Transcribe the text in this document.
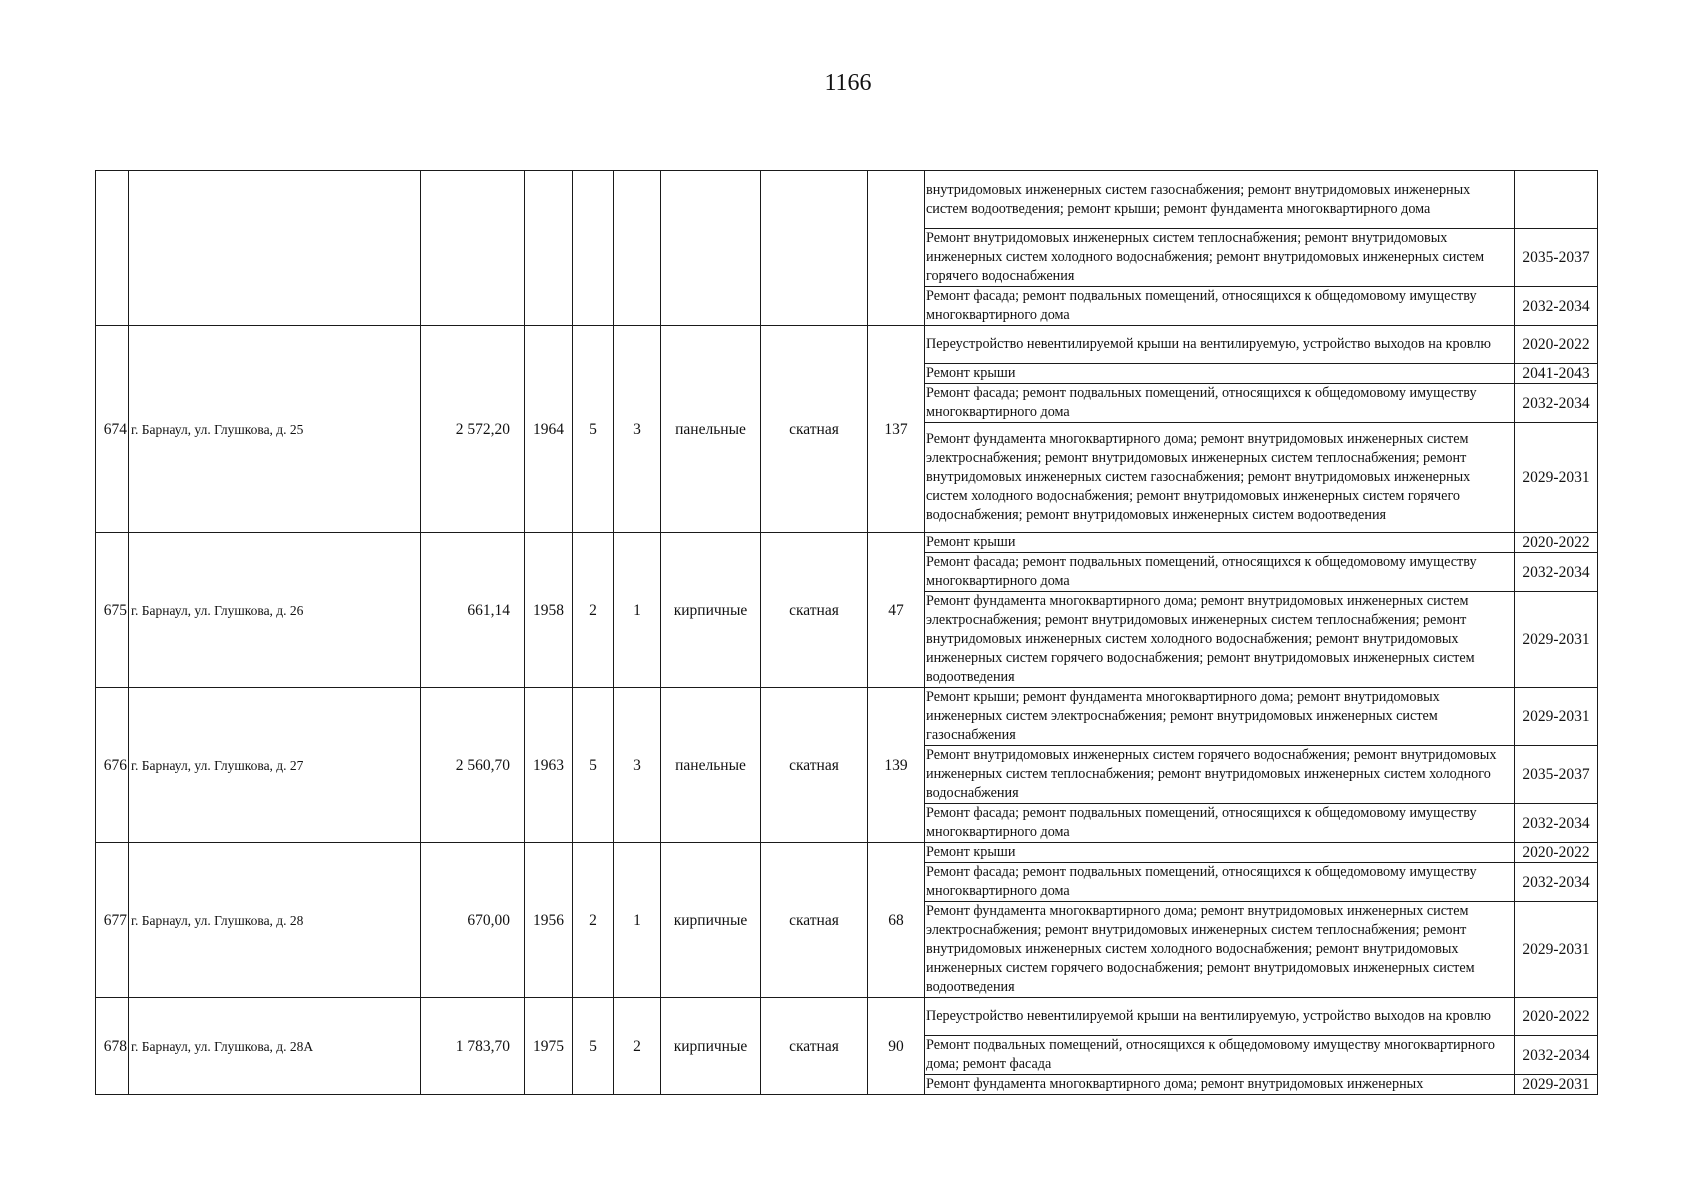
1166
									внутридомовых инженерных систем газоснабжения; ремонт внутридомовых инженерных систем водоотведения; ремонт крыши; ремонт фундамента многоквартирного дома	
									Ремонт внутридомовых инженерных систем теплоснабжения; ремонт внутридомовых инженерных систем холодного водоснабжения; ремонт внутридомовых инженерных систем горячего водоснабжения	2035-2037
									Ремонт фасада; ремонт подвальных помещений, относящихся к общедомовому имуществу многоквартирного дома	2032-2034
674	г. Барнаул, ул. Глушкова, д. 25	2 572,20	1964	5	3	панельные	скатная	137	Переустройство невентилируемой крыши на вентилируемую, устройство выходов на кровлю	2020-2022
									Ремонт крыши	2041-2043
									Ремонт фасада; ремонт подвальных помещений, относящихся к общедомовому имуществу многоквартирного дома	2032-2034
									Ремонт фундамента многоквартирного дома; ремонт внутридомовых инженерных систем электроснабжения; ремонт внутридомовых инженерных систем теплоснабжения; ремонт внутридомовых инженерных систем газоснабжения; ремонт внутридомовых инженерных систем холодного водоснабжения; ремонт внутридомовых инженерных систем горячего водоснабжения; ремонт внутридомовых инженерных систем водоотведения	2029-2031
675	г. Барнаул, ул. Глушкова, д. 26	661,14	1958	2	1	кирпичные	скатная	47	Ремонт крыши	2020-2022
									Ремонт фасада; ремонт подвальных помещений, относящихся к общедомовому имуществу многоквартирного дома	2032-2034
									Ремонт фундамента многоквартирного дома; ремонт внутридомовых инженерных систем электроснабжения; ремонт внутридомовых инженерных систем теплоснабжения; ремонт внутридомовых инженерных систем холодного водоснабжения; ремонт внутридомовых инженерных систем горячего водоснабжения; ремонт внутридомовых инженерных систем водоотведения	2029-2031
676	г. Барнаул, ул. Глушкова, д. 27	2 560,70	1963	5	3	панельные	скатная	139	Ремонт крыши; ремонт фундамента многоквартирного дома; ремонт внутридомовых инженерных систем электроснабжения; ремонт внутридомовых инженерных систем газоснабжения	2029-2031
									Ремонт внутридомовых инженерных систем горячего водоснабжения; ремонт внутридомовых инженерных систем теплоснабжения; ремонт внутридомовых инженерных систем холодного водоснабжения	2035-2037
									Ремонт фасада; ремонт подвальных помещений, относящихся к общедомовому имуществу многоквартирного дома	2032-2034
677	г. Барнаул, ул. Глушкова, д. 28	670,00	1956	2	1	кирпичные	скатная	68	Ремонт крыши	2020-2022
									Ремонт фасада; ремонт подвальных помещений, относящихся к общедомовому имуществу многоквартирного дома	2032-2034
									Ремонт фундамента многоквартирного дома; ремонт внутридомовых инженерных систем электроснабжения; ремонт внутридомовых инженерных систем теплоснабжения; ремонт внутридомовых инженерных систем холодного водоснабжения; ремонт внутридомовых инженерных систем горячего водоснабжения; ремонт внутридомовых инженерных систем водоотведения	2029-2031
678	г. Барнаул, ул. Глушкова, д. 28А	1 783,70	1975	5	2	кирпичные	скатная	90	Переустройство невентилируемой крыши на вентилируемую, устройство выходов на кровлю	2020-2022
									Ремонт подвальных помещений, относящихся к общедомовому имуществу многоквартирного дома; ремонт фасада	2032-2034
									Ремонт фундамента многоквартирного дома; ремонт внутридомовых инженерных	2029-2031
